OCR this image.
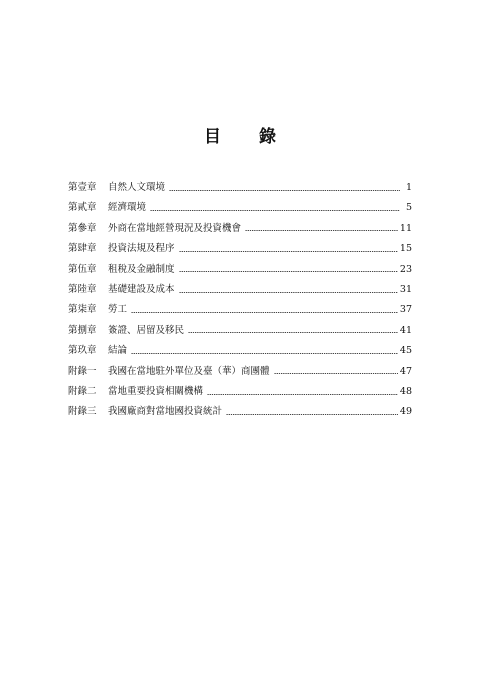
目 錄
第壹章	自然人文環境	1
第貳章	經濟環境	5
第參章	外商在當地經營現況及投資機會	11
第肆章	投資法規及程序	15
第伍章	租稅及金融制度	23
第陸章	基礎建設及成本	31
第柒章	勞工	37
第捌章	簽證、居留及移民	41
第玖章	結論	45
附錄一	我國在當地駐外單位及臺（華）商團體	47
附錄二	當地重要投資相關機構	48
附錄三	我國廠商對當地國投資統計	49
